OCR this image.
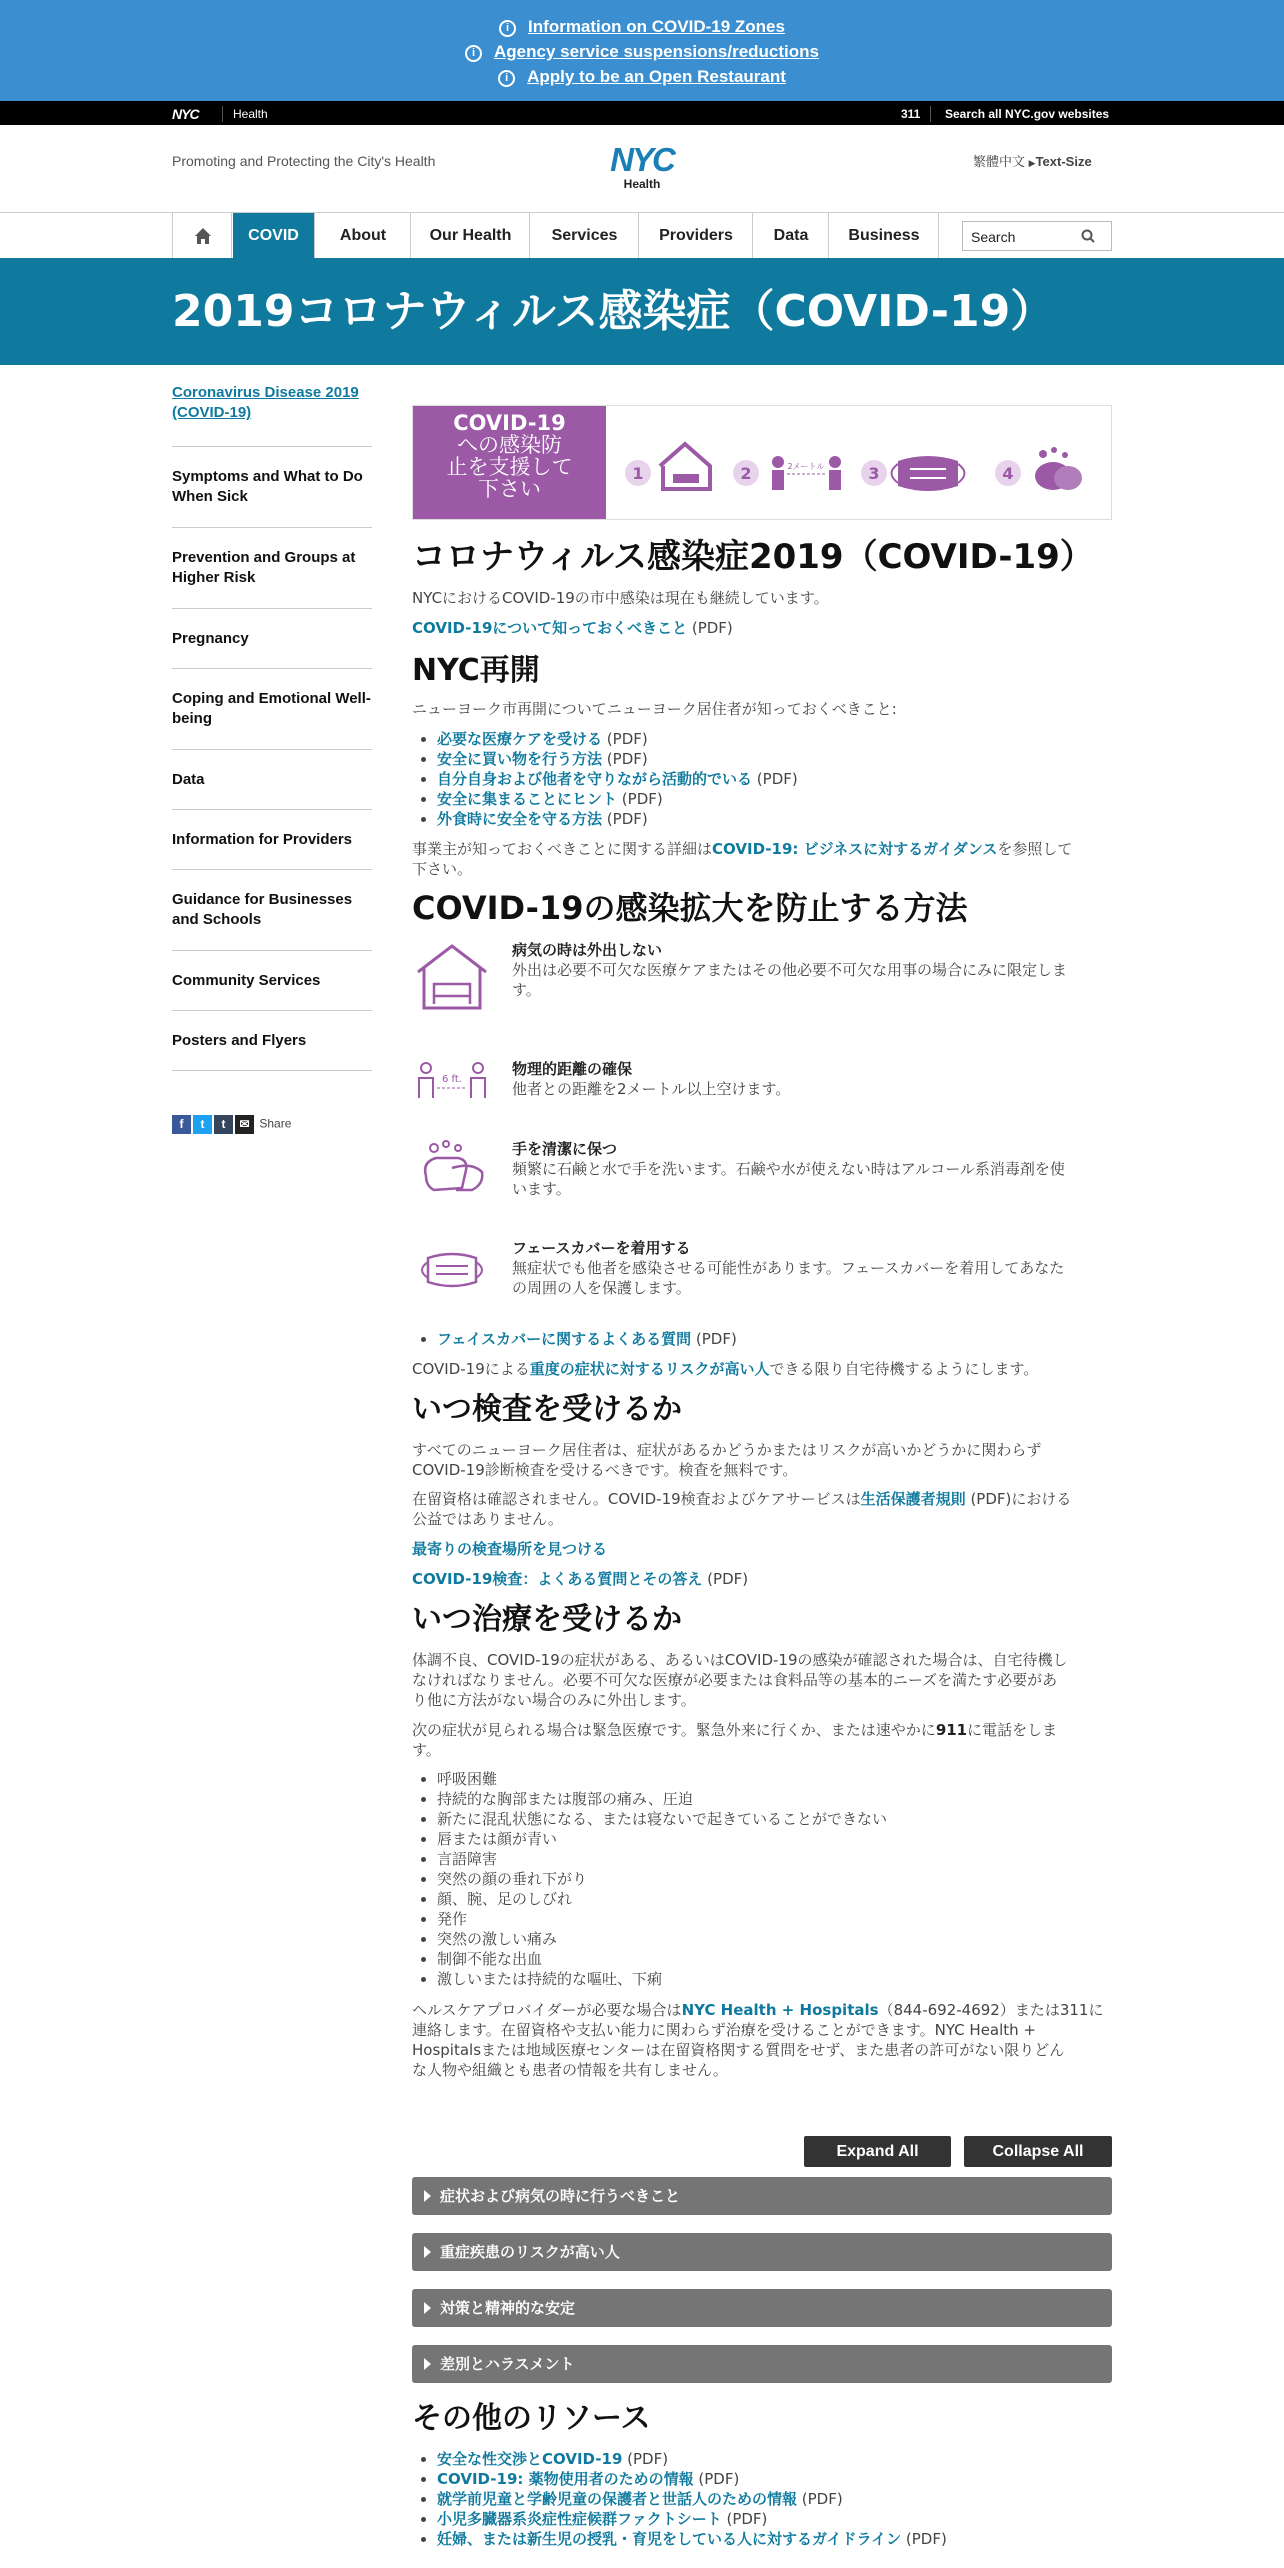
i Information on COVID-19 Zones
i Agency service suspensions/reductions
i Apply to be an Open Restaurant
NYC	Health	311	Search all NYC.gov websites
Promoting and Protecting the City's Health	NYC
Health
繁體中文 ▶Text-Size
COVID	About	Our Health	Services	Providers	Data	Business	Search
2019コロナウィルス感染症（COVID-19）
Coronavirus Disease 2019 (COVID-19)
Symptoms and What to Do When Sick
Prevention and Groups at Higher Risk
Pregnancy
Coping and Emotional Well-being
Data
Information for Providers
Guidance for Businesses and Schools
Community Services
Posters and Flyers
f t t ✉ Share
COVID-19
への感染防
止を支援して
下さい
1	2	2メートル	3	4
コロナウィルス感染症2019（COVID-19）
NYCにおけるCOVID-19の市中感染は現在も継続しています。
COVID-19について知っておくべきこと (PDF)
NYC再開
ニューヨーク市再開についてニューヨーク居住者が知っておくべきこと:
• 必要な医療ケアを受ける (PDF)
• 安全に買い物を行う方法 (PDF)
• 自分自身および他者を守りながら活動的でいる (PDF)
• 安全に集まることにヒント (PDF)
• 外食時に安全を守る方法 (PDF)
事業主が知っておくべきことに関する詳細はCOVID-19: ビジネスに対するガイダンスを参照して
下さい。
COVID-19の感染拡大を防止する方法
病気の時は外出しない
外出は必要不可欠な医療ケアまたはその他必要不可欠な用事の場合にみに限定しま
す。
6 ft.
物理的距離の確保
他者との距離を2メートル以上空けます。
手を清潔に保つ
頻繁に石鹸と水で手を洗います。石鹸や水が使えない時はアルコール系消毒剤を使
います。
フェースカバーを着用する
無症状でも他者を感染させる可能性があります。フェースカバーを着用してあなた
の周囲の人を保護します。
• フェイスカバーに関するよくある質問 (PDF)
COVID-19による重度の症状に対するリスクが高い人できる限り自宅待機するようにします。
いつ検査を受けるか
すべてのニューヨーク居住者は、症状があるかどうかまたはリスクが高いかどうかに関わらず
COVID-19診断検査を受けるべきです。検査を無料です。
在留資格は確認されません。COVID-19検査およびケアサービスは生活保護者規則 (PDF)における
公益ではありません。
最寄りの検査場所を見つける
COVID-19検査：よくある質問とその答え (PDF)
いつ治療を受けるか
体調不良、COVID-19の症状がある、あるいはCOVID-19の感染が確認された場合は、自宅待機し
なければなりません。必要不可欠な医療が必要または食料品等の基本的ニーズを満たす必要があ
り他に方法がない場合のみに外出します。
次の症状が見られる場合は緊急医療です。緊急外来に行くか、または速やかに911に電話をしま
す。
• 呼吸困難
• 持続的な胸部または腹部の痛み、圧迫
• 新たに混乱状態になる、または寝ないで起きていることができない
• 唇または顔が青い
• 言語障害
• 突然の顔の垂れ下がり
• 顔、腕、足のしびれ
• 発作
• 突然の激しい痛み
• 制御不能な出血
• 激しいまたは持続的な嘔吐、下痢
ヘルスケアプロバイダーが必要な場合はNYC Health + Hospitals（844-692-4692）または311に
連絡します。在留資格や支払い能力に関わらず治療を受けることができます。NYC Health +
Hospitalsまたは地域医療センターは在留資格関する質問をせず、また患者の許可がない限りどん
な人物や組織とも患者の情報を共有しません。
Expand All	Collapse All
症状および病気の時に行うべきこと
重症疾患のリスクが高い人
対策と精神的な安定
差別とハラスメント
その他のリソース
• 安全な性交渉とCOVID-19 (PDF)
• COVID-19: 薬物使用者のための情報 (PDF)
• 就学前児童と学齢児童の保護者と世話人のための情報 (PDF)
• 小児多臓器系炎症性症候群ファクトシート (PDF)
• 妊婦、または新生児の授乳・育児をしている人に対するガイドライン (PDF)
